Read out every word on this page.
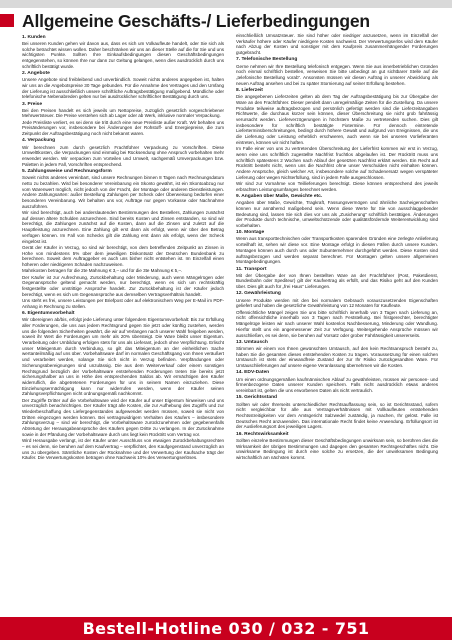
Allgemeine Geschäfts-/ Lieferbedingungen
1. Kunden

Bei unseren Kunden gehen wir davon aus, dass es sich um Volkaufleute handelt, oder Sie sich als solche betrachtet wissen wollen. Daher beschränken wir uns an dieser Stelle auf die für Sie und uns wichtigsten Punkte. Sollten Ihre Einkaufsbedingungen diesen Geschäftsbedingungen entgegenstehen, so können Ihre nur dann zur Geltung gelangen, wenn dies ausdrücklich durch uns schriftlich bestätigt wurde.

2. Angebote

Unsere Angebote sind freibleibend und unverbindlich. Soweit nichts anderes angegeben ist, halten wir uns an die Angebotspreise 30 Tage gebunden. Für die Annahme des Vertrages und den Umfang der Lieferung ist ausschließlich unsere schriftliche Auftragsbestätigung maßgebend. Mündliche oder telefonische Nebenabreden gelten nur bei ausdrücklicher schriftlicher Bestätigung durch uns.

3. Preise

Bei den Preisen handelt es sich jeweils um Nettopreise, zuzüglich gesetzlich vorgeschriebener Mehrwertsteuer. Die Preise verstehen sich ab Lager oder ab Werk, inklusive normaler Verpackung.

Jede Preisliste verliert, es sei denn sie tritt durch eine neue Preisliste außer Kraft. Wir behalten uns Preisänderungen vor, insbesondere bei Änderungen der Rohstoff- und Energiepreise, die zum Zeitpunkt der Auftragsbestätigung noch nicht bekannt waren.

4. Verpackung

Wir berechnen zum durch gesetzlich Frachtführer Verpackung zu Vorschriften. Diese Umwelttkosten, die Verpackungen sind einmalig bei Rücksendung ohne Anspruch vorbehalten mehr erwendet werden. Wir verpacken zum Vorteilen und Umwelt, sachgemäß Umverpackungen bzw. Paletten in jedem Fall, Vorschriften entsprechend.

5. Zahlungsweise und Rechnungsform

Soweit nichts anderes vereinbart, sind unsere Rechnungen binnen 8 Tagen nach Rechnungsdatum netto zu bezahlen. Wird bei besonderer Vereinbarung ein Skonto gewährt, ist ein Skontoabzug nur vom Warenwert möglich, nicht jedoch von der Fracht, der Montage oder anderen Dienstleistungen. Andere Zahlungsarten: außer Bestellung Zahlungen per Scheck oder Überweisung bedürfen einer besonderen Vereinbarung. Wir behalten uns vor, Aufträge nur gegen Vorkasse oder Nachnahme auszuführen.

Wir sind berechtigt, auch bei anderslautenden Bestimmungen des Bestellers, Zahlungen zunächst auf dessen ältere Schulden anzurechnen. Sind bereits Kosten und Zinsen entstanden, so sind wir berechtigt, die Zahlungen zunächst auf die Kosten, dann auf die Zinsen und zuletzt auf die Hauptleistung anzurechnen. Eine Zahlung gilt erst dann als erfolgt, wenn wir über den Betrag verfügen können. Im Fall von Schecks gilt die Zahlung erst dann als erfolgt, wenn der Scheck eingelöst ist.

Gerät der Käufer in Verzug, so sind wir berechtigt, von dem betreffenden Zeitpunkt an Zinsen in Höhe von mindestens 5% über dem jeweiligen Diskontsatz der Deutschen Bundesbank zu berechnen. Soweit dem Auftraggeber es auch uns bisher nicht entstehen ist. Im Einzelfall einen höheren oder niedrigeren Schaden nachzuweisen.

Mahnkosten betragen für die 2te Mahnung € 3,– und für die 3te Mahnung € 5,–.

Der Käufer ist zur Aufrechnung, Zurückbehaltung oder Minderung, auch wenn Mängelrügen oder Gegenansprüche geltend gemacht werden, nur berechtigt, wenn es sich um rechtskräftig festgestellte oder unstrittige Ansprüche handelt. Zur Zurückbehaltung ist der Käufer jedoch berechtigt, wenn es sich um Gegenansprüche aus demselben Vertragsverhältnis handelt.

Uns steht es frei, unsere Leistungen per Briefpost oder auf elektronischem Weg per E-Mail im PDF-Anhang in Rechnung zu stellen.

6. Eigentumsvorbehalt

Wir übereignen ab/bis, erfolgt jede Lieferung unter folgendem Eigentumsvorbehalt: Bis zur Erfüllung aller Forderungen, die uns aus jedem Rechtsgrund gegen Sie jetzt oder künftig zustehen, werden uns die folgenden Sicherheiten gewährt, die wir auf Verlangen nach unserer Wahl freigeben werden, soweit ihr Wert die Forderungen um mehr als 20% übersteigt. Die Ware bleibt unser Eigentum. Verarbeitung oder Umbildung erfolgen stets für uns als Lieferant, jedoch ohne Verpflichtung. Erlischt unser Miteigentum durch Verbindung, so gilt das Miteigentum an der einheitlichen Sache wertanteilmäßig auf uns über. Vorbehaltsware darf im normalen Geschäftsgang von Ihnen veräußert und verarbeitet werden, solange Sie sich nicht in Verzug befinden. Verpfändungen oder Sicherungsübereignungen sind unzulässig. Die aus dem Weiterverkauf oder einem sonstigen Rechtsgrund bezüglich der Vorbehaltsware entstehenden Forderungen treten Sie bereits jetzt sicherungshalber an uns in Höhe des entsprechenden Saldos ab. Wir ermächtigen den Käufer widerruflich, die abgetretenen Forderungen für uns in seinem Namen einzuziehen. Diese Einziehungsermächtigung kann nur widerrufen werden, wenn der Käufer seinen Zahlungsverpflichtungen nicht ordnungsgemäß nachkommt.

Der Zugriffe Dritter auf die Vorbehaltsware wird der Käufer auf unser Eigentum hinweisen und uns unverzüglich benachrichtigen. Der Käufer trägt alle Kosten, die zur Aufhebung des Zugriffs und zur Wiederbeschaffung des Liefergegenstandes aufgewendet werden müssen, soweit sie nicht von Dritten eingezogen werden können. Bei vertragswidrigem Verhalten des Käufers – insbesondere Zahlungsverzug – sind wir berechtigt, die Vorbehaltsware zurückzunehmen oder gegebenenfalls Abtretung der Herausgabeansprüche des Käufers gegen Dritte zu verlangen. In der Zurücknahme sowie in der Pfändung der Vorbehaltsware durch uns liegt kein Rücktritt vom Vertrag vor.

Wird Herausgabe verlangt, ist der Käufer unter Ausschluss von etwaigen Zurückbehaltungsrechten – es sei denn, sie beruhen auf dem Kaufvertrag – verpflichtet, den Kaufgegenstand unverzüglich an uns zu übergeben. Sämtliche Kosten der Rücknahme und der Verwertung der Kaufsache trägt der Käufer. Die Verwertungskosten betragen ohne Nachweis 10% des Verwertungserlöses.

einschließlich Umsatzsteuer. Sie sind höher oder niedriger anzusetzen, wenn im Einzelfall der Verkäufer höhere oder Käufer niedrigere Kosten nachweist. Der Verwertungserlös wird dem Käufer nach Abzug der Kosten und sonstiger mit dem Kaufpreis zusammenhängender Forderungen gutgebracht.

7. Telefonische Bestellung

Gerne nehmen wir Ihre Bestellung telefonisch entgegen. Wenn Sie aus innerbetrieblichen Gründen noch einmal schriftlich bestellen, verweisen Sie bitte unbedingt an gut sichtbarer Stelle auf die „telefonische Bestellung vorab“. Ansonsten müssen wir diesen Auftrag in unserer Abwicklung als neuen Auftrag ansehen und bei zu später Stornierung auf seiner Erfüllung bestehen.

8. Lieferzeit

Die angegebenen Lieferzeiten gelten ab dem Tag der Auftragsbestätigung bis zur Übergabe der Ware an den Frachtführer. Dieser pendelt dann unregelmäßige Zeiten für die Zustellung. Da unsere Produkte teilweise auftragsbezogen und persönlich gefertigt werden sind die Lieferzeitangaben Richtwerte, die durchaus kürzer sein können, dieser Überschreitung sie nicht grob fahrlässig verursacht werden. Lieferverzögerungen in höchstem Maße zu vertretenden suchen. Dies gilt insbesondere für schriftlich bestätigte Fixtermine. Für dennoch eintretende Lieferterminüberschreitungen, bedingt durch höhere Gewalt und aufgrund von Ereignissen, die uns die Lieferung oder Leistung erheblich erschweren, auch wenn sie bei unseren Vorlieferanten eintreten, können wir nicht haften.

Im Falle einer von uns zu vertretenden Überschreitung der Lieferfrist kommen wir erst in Verzug, wenn eine uns schriftlich zugestellte Nachfrist fruchtlos abgelaufen ist. Der Rücktritt muss uns schriftlich spätestens 2 Wochen nach Ablauf der gesetzten Nachfrist erklärt werden. Ein Recht auf Rücktritt besteht nicht, wenn uns die Nachfrist ohne unser Verschulden nicht einhalten können. Andere Ansprüche, gleich welcher Art, insbesondere solche auf Schadenersatz wegen verspäteter Lieferung oder wegen Nichterfüllung, sind in jedem Falle ausgeschlossen.

Wir sind zur Vornahme von Teillieferungen berechtigt. Diese können entsprechend des jeweils erbrachten Leistungsumfanges berechnet werden.

9. Angaben über Maße, Gewichte etc.

Angaben über Maße, Gewichte, Tragkraft, Fassungsvermögen und ähnliche Sacheigenschaften können nur annähernd maßgebend sein. Wenn diese Werte für Sie von ausschlaggebender Bedeutung sind, lassen Sie sich dies vor uns als „Zusicherung“ schriftlich bestätigen. Änderungen der Produkte durch technische, umweltschützende oder qualitätsfördernde Weiterentwicklung sind vorbehalten.

10. Montage

Wenn aus transporttechnischen oder Transportkosten sparenden Gründen eine zerlegte Anlieferung vorteilhaft ist, sehen wir diese vor. Eine Montage erfolgt in diesen Fällen durch unsere Kunden. Montagen können auch durch uns oder Subunternehmer durchgeführt werden. Diese Kosten sind auftragsbezogen und werden separat berechnet. Für Montagen gelten unsere allgemeinen Montagebedingungen.

11. Transport

Mit der Übergabe der von Ihnen bestellten Ware an der Frachtführer (Post, Paketdienst, Bundesbahn oder Spediteur) gilt der Kaufvertrag als erfüllt, und das Risiko geht auf den Kunden über. Dies gilt auch für „frei Haus“ Lieferungen.

12. Gewährleistung

Unsere Produkte werden mit den bei normalem Gebrauch vorauszusetzenden Eigenschaften geliefert und haben die gesetzliche Gewährleistung von 12 Monaten für Kaufleute.

Offensichtliche Mängel zeigen Sie uns bitte schriftlich innerhalb von 3 Tagen nach Lieferung an, nicht offensichtliche innerhalb von 3 Tagen nach Feststellung. Bei fristgerechter, berechtigter Mängelrüge leisten wir nach unserer Wahl kostenlos Nachbesserung, Minderung oder Wandlung. Hierfür stellt uns ein angemessener Zeit zur Verfügung. Weitergehende Ansprüche müssen wir ausschließen, es sei denn, sie beruhen auf Vorsatz oder grober Fahrlässigkeit unsererseits.

13. Umtausch

Stimmen wir einem von Ihnen gewünschten Umtausch, auf den kein Rechtsanspruch besteht zu, haben Sie die gesamten dieses entstehenden Kosten zu tragen. Voraussetzung für einen solchen Umtausch ist stets der einwandfreie Zustand der zur Ihr Risiko zurückgesandten Ware. Für Umtauschlieferungen auf unsere eigene Veranlassung übernehmen wir die Kosten.

14. EDV-Daten

Um einen ordnungsgemäßen kaufmännischen Ablauf zu gewährleisten, müssen wir personen- und firmenbezogene Daten unserer Kunden speichern. Falls nicht ausdrücklich etwas anderes vereinbart ist, gelten die uns erworbenen Daten als nicht vertraulich.

15. Gerichtsstand

Sollten wir oder Ihrerseits unterschiedlicher Rechtsauffassung sein, so ist Gerichtsstand, sofern nicht vergleichbar für alle aus Vertragsverhältnissen mit Vollkaufleuten entstehenden Rechtsstreitigkeiten vor dem Amtsgericht Salzwedel zuständig, ja machen, Ihr gelöst. Falle ist Deutsches Recht anzuwenden. Das internationale Recht findet keine Anwendung. Erfüllungsort ist der Auslieferungsort des jeweiligen Lagers.

16. Rechtswirksamkeit

Sollten einzelne Bestimmungen dieser Geschäftsbedingungen unwirksam sein, so berühren dies die Wirksamkeit der übrigen Bestimmungen und dagegen den gesamten Rechtsgeschäftes nicht. Die unwirksame Bedingung ist durch eine solche zu ersetzen, die der unwirksamen Bedingung wirtschaftlich am nächsten kommt.

Bestell-Hotline 030 / 032 - 751
